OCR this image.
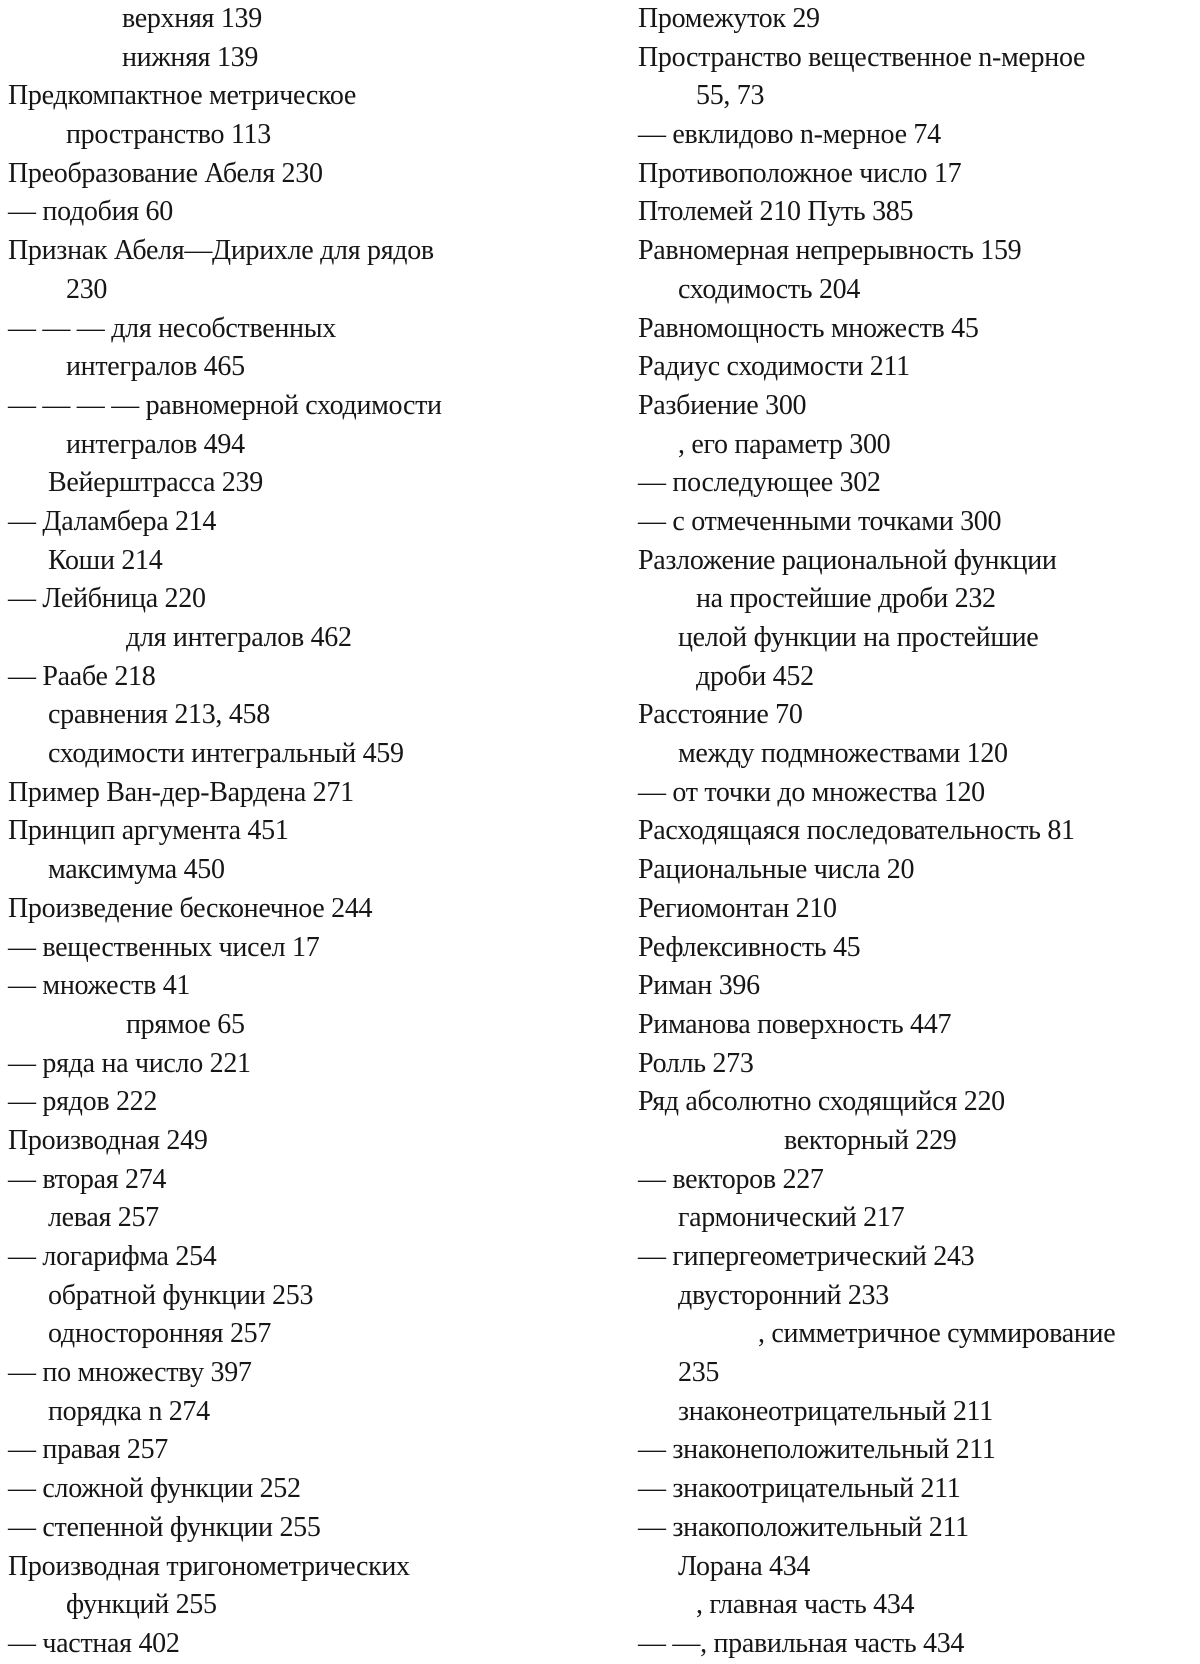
верхняя 139
нижняя 139
Предкомпактное метрическое
пространство 113
Преобразование Абеля 230
— подобия 60
Признак Абеля—Дирихле для рядов
230
— — — для несобственных
интегралов 465
— — — — равномерной сходимости
интегралов 494
Вейерштрасса 239
— Даламбера 214
Коши 214
— Лейбница 220
для интегралов 462
— Раабе 218
сравнения 213, 458
сходимости интегральный 459
Пример Ван-дер-Вардена 271
Принцип аргумента 451
максимума 450
Произведение бесконечное 244
— вещественных чисел 17
— множеств 41
прямое 65
— ряда на число 221
— рядов 222
Производная 249
— вторая 274
левая 257
— логарифма 254
обратной функции 253
односторонняя 257
— по множеству 397
порядка n 274
— правая 257
— сложной функции 252
— степенной функции 255
Производная тригонометрических
функций 255
— частная 402
Промежуток 29
Пространство вещественное n-мерное
55, 73
— евклидово n-мерное 74
Противоположное число 17
Птолемей 210 Путь 385
Равномерная непрерывность 159
сходимость 204
Равномощность множеств 45
Радиус сходимости 211
Разбиение 300
, его параметр 300
— последующее 302
— с отмеченными точками 300
Разложение рациональной функции
на простейшие дроби 232
целой функции на простейшие
дроби 452
Расстояние 70
между подмножествами 120
— от точки до множества 120
Расходящаяся последовательность 81
Рациональные числа 20
Региомонтан 210
Рефлексивность 45
Риман 396
Риманова поверхность 447
Ролль 273
Ряд абсолютно сходящийся 220
векторный 229
— векторов 227
гармонический 217
— гипергеометрический 243
двусторонний 233
, симметричное суммирование
235
знаконеотрицательный 211
— знаконеположительный 211
— знакоотрицательный 211
— знакоположительный 211
Лорана 434
, главная часть 434
— —, правильная часть 434
